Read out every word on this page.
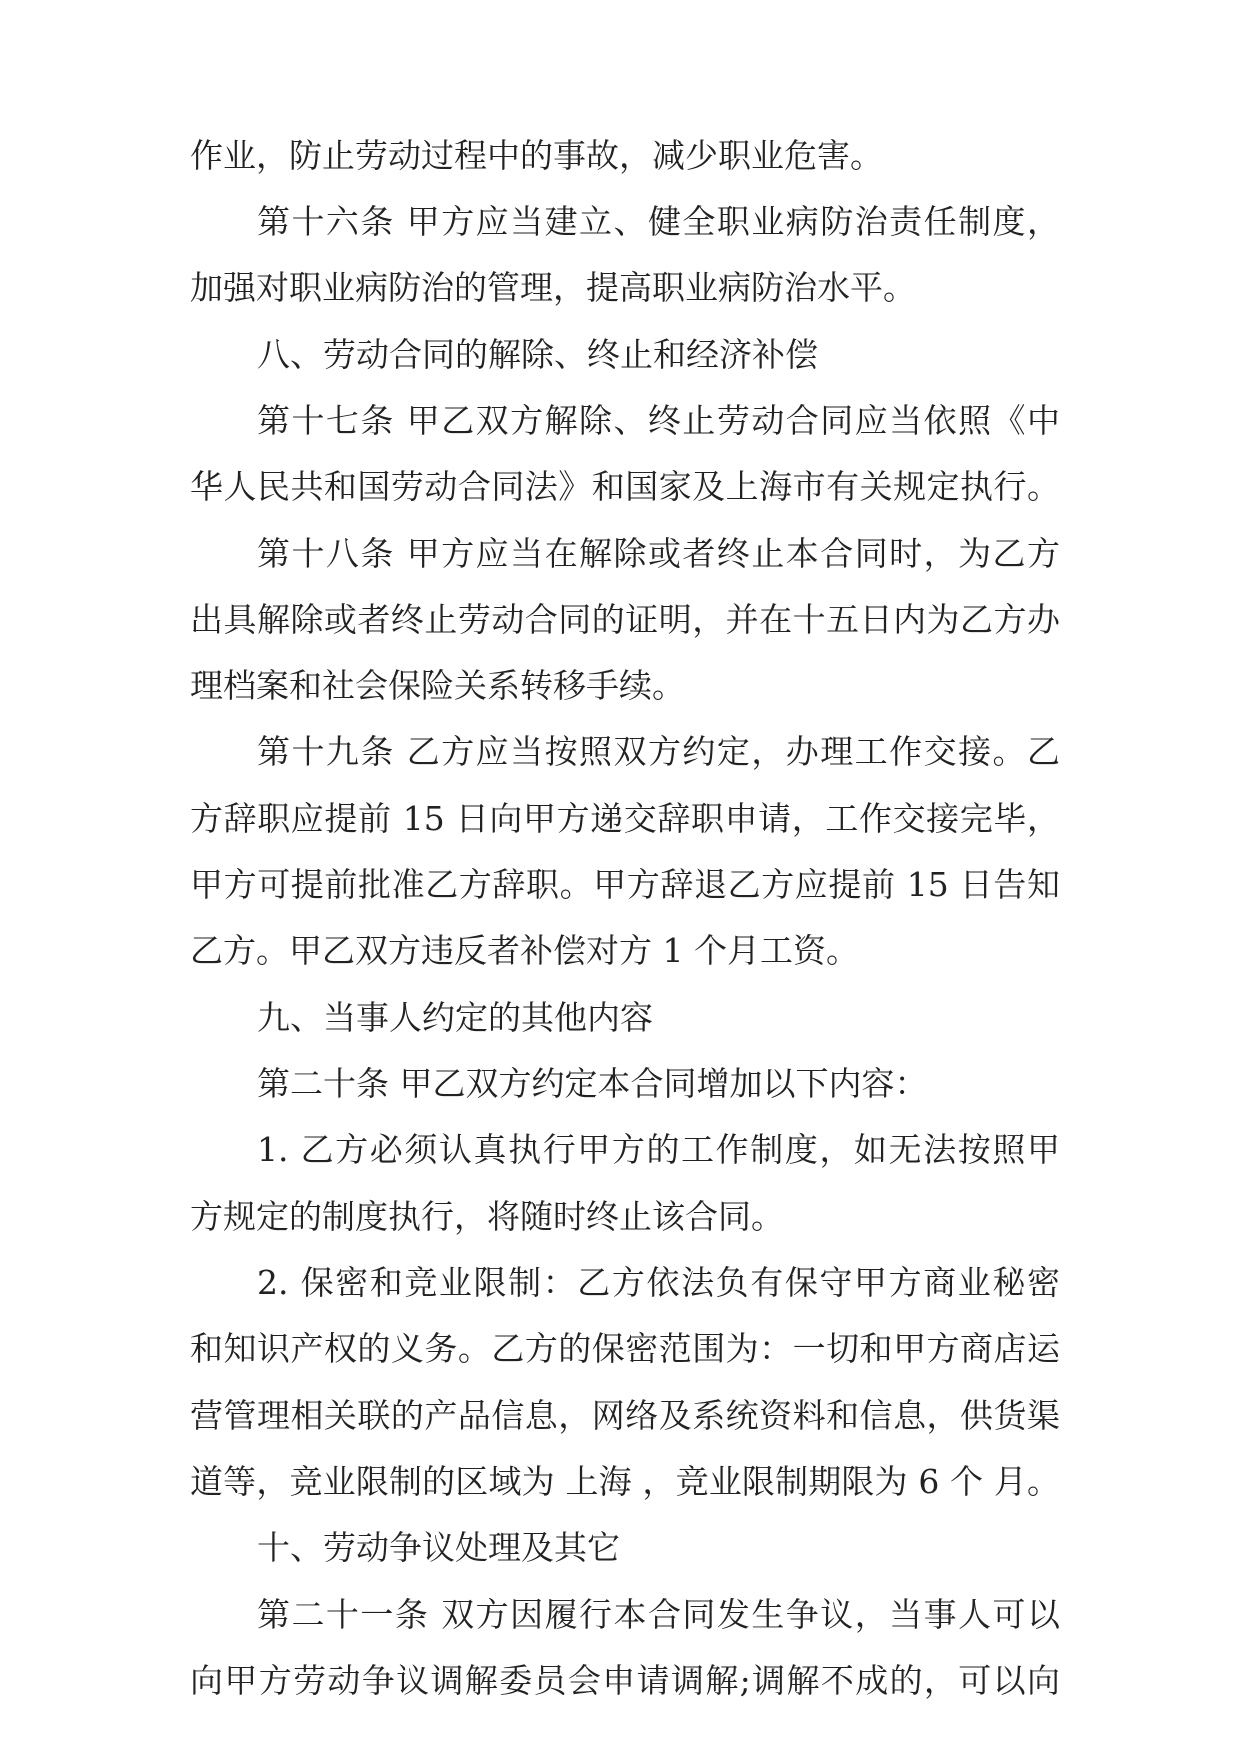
作业，防止劳动过程中的事故，减少职业危害。
第十六条 甲方应当建立、健全职业病防治责任制度，
加强对职业病防治的管理，提高职业病防治水平。
八、劳动合同的解除、终止和经济补偿
第十七条 甲乙双方解除、终止劳动合同应当依照《中
华人民共和国劳动合同法》和国家及上海市有关规定执行。
第十八条 甲方应当在解除或者终止本合同时，为乙方
出具解除或者终止劳动合同的证明，并在十五日内为乙方办
理档案和社会保险关系转移手续。
第十九条 乙方应当按照双方约定，办理工作交接。乙
方辞职应提前 15 日向甲方递交辞职申请，工作交接完毕，
甲方可提前批准乙方辞职。甲方辞退乙方应提前 15 日告知
乙方。甲乙双方违反者补偿对方 1 个月工资。
九、当事人约定的其他内容
第二十条 甲乙双方约定本合同增加以下内容：
1. 乙方必须认真执行甲方的工作制度，如无法按照甲
方规定的制度执行，将随时终止该合同。
2. 保密和竞业限制：乙方依法负有保守甲方商业秘密
和知识产权的义务。乙方的保密范围为：一切和甲方商店运
营管理相关联的产品信息，网络及系统资料和信息，供货渠
道等，竞业限制的区域为 上海 ，竞业限制期限为 6 个 月。
十、劳动争议处理及其它
第二十一条 双方因履行本合同发生争议，当事人可以
向甲方劳动争议调解委员会申请调解;调解不成的，可以向
